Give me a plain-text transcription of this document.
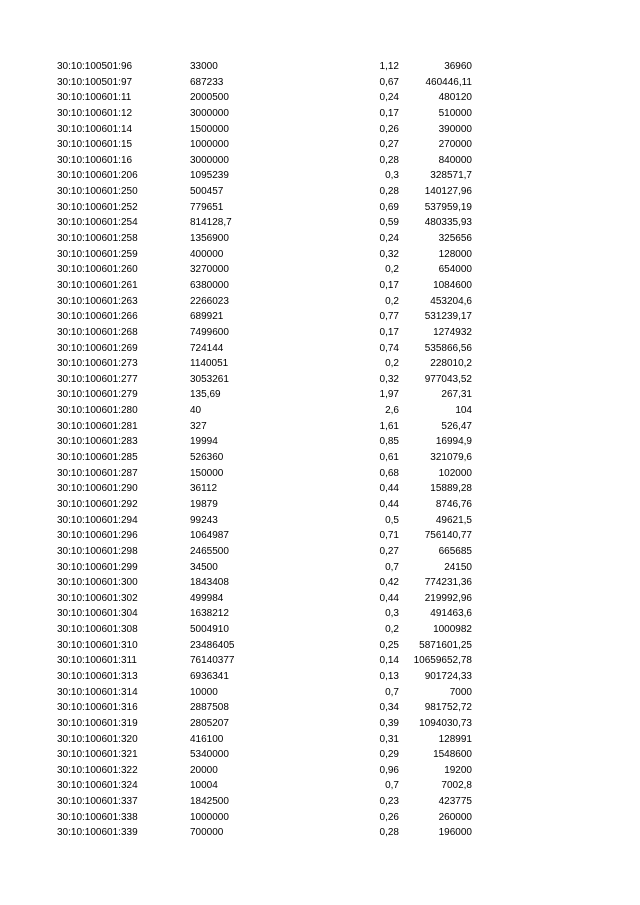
30:10:100501:96	33000	1,12	36960
30:10:100501:97	687233	0,67	460446,11
30:10:100601:11	2000500	0,24	480120
30:10:100601:12	3000000	0,17	510000
30:10:100601:14	1500000	0,26	390000
30:10:100601:15	1000000	0,27	270000
30:10:100601:16	3000000	0,28	840000
30:10:100601:206	1095239	0,3	328571,7
30:10:100601:250	500457	0,28	140127,96
30:10:100601:252	779651	0,69	537959,19
30:10:100601:254	814128,7	0,59	480335,93
30:10:100601:258	1356900	0,24	325656
30:10:100601:259	400000	0,32	128000
30:10:100601:260	3270000	0,2	654000
30:10:100601:261	6380000	0,17	1084600
30:10:100601:263	2266023	0,2	453204,6
30:10:100601:266	689921	0,77	531239,17
30:10:100601:268	7499600	0,17	1274932
30:10:100601:269	724144	0,74	535866,56
30:10:100601:273	1140051	0,2	228010,2
30:10:100601:277	3053261	0,32	977043,52
30:10:100601:279	135,69	1,97	267,31
30:10:100601:280	40	2,6	104
30:10:100601:281	327	1,61	526,47
30:10:100601:283	19994	0,85	16994,9
30:10:100601:285	526360	0,61	321079,6
30:10:100601:287	150000	0,68	102000
30:10:100601:290	36112	0,44	15889,28
30:10:100601:292	19879	0,44	8746,76
30:10:100601:294	99243	0,5	49621,5
30:10:100601:296	1064987	0,71	756140,77
30:10:100601:298	2465500	0,27	665685
30:10:100601:299	34500	0,7	24150
30:10:100601:300	1843408	0,42	774231,36
30:10:100601:302	499984	0,44	219992,96
30:10:100601:304	1638212	0,3	491463,6
30:10:100601:308	5004910	0,2	1000982
30:10:100601:310	23486405	0,25	5871601,25
30:10:100601:311	76140377	0,14	10659652,78
30:10:100601:313	6936341	0,13	901724,33
30:10:100601:314	10000	0,7	7000
30:10:100601:316	2887508	0,34	981752,72
30:10:100601:319	2805207	0,39	1094030,73
30:10:100601:320	416100	0,31	128991
30:10:100601:321	5340000	0,29	1548600
30:10:100601:322	20000	0,96	19200
30:10:100601:324	10004	0,7	7002,8
30:10:100601:337	1842500	0,23	423775
30:10:100601:338	1000000	0,26	260000
30:10:100601:339	700000	0,28	196000
